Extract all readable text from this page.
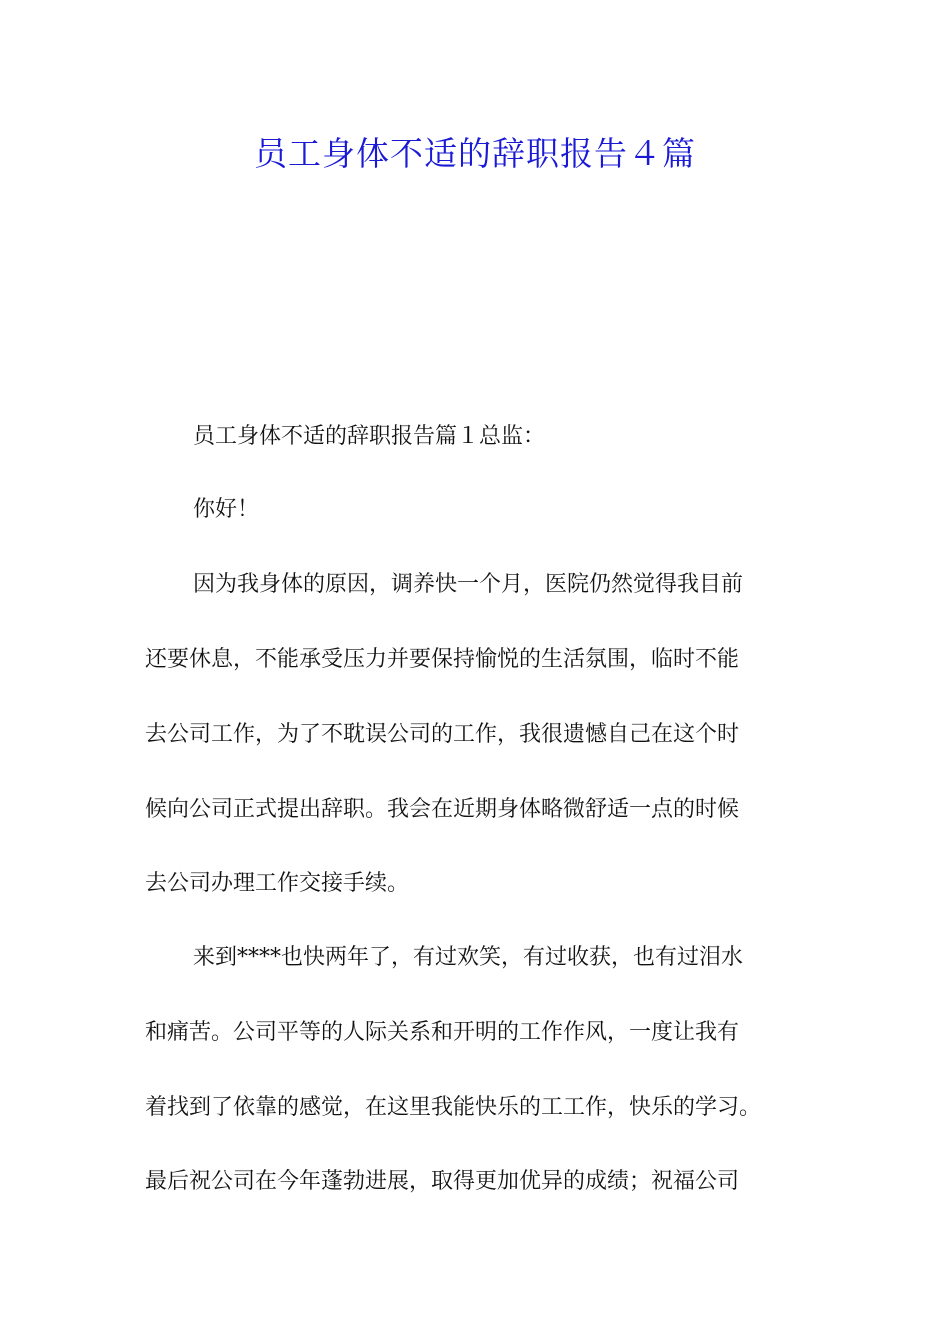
员工身体不适的辞职报告４篇
员工身体不适的辞职报告篇１总监：
你好！
因为我身体的原因，调养快一个月，医院仍然觉得我目前
还要休息，不能承受压力并要保持愉悦的生活氛围，临时不能
去公司工作，为了不耽误公司的工作，我很遗憾自己在这个时
候向公司正式提出辞职。我会在近期身体略微舒适一点的时候
去公司办理工作交接手续。
来到****也快两年了，有过欢笑，有过收获，也有过泪水
和痛苦。公司平等的人际关系和开明的工作作风，一度让我有
着找到了依靠的感觉，在这里我能快乐的工工作，快乐的学习。
最后祝公司在今年蓬勃进展，取得更加优异的成绩；祝福公司
